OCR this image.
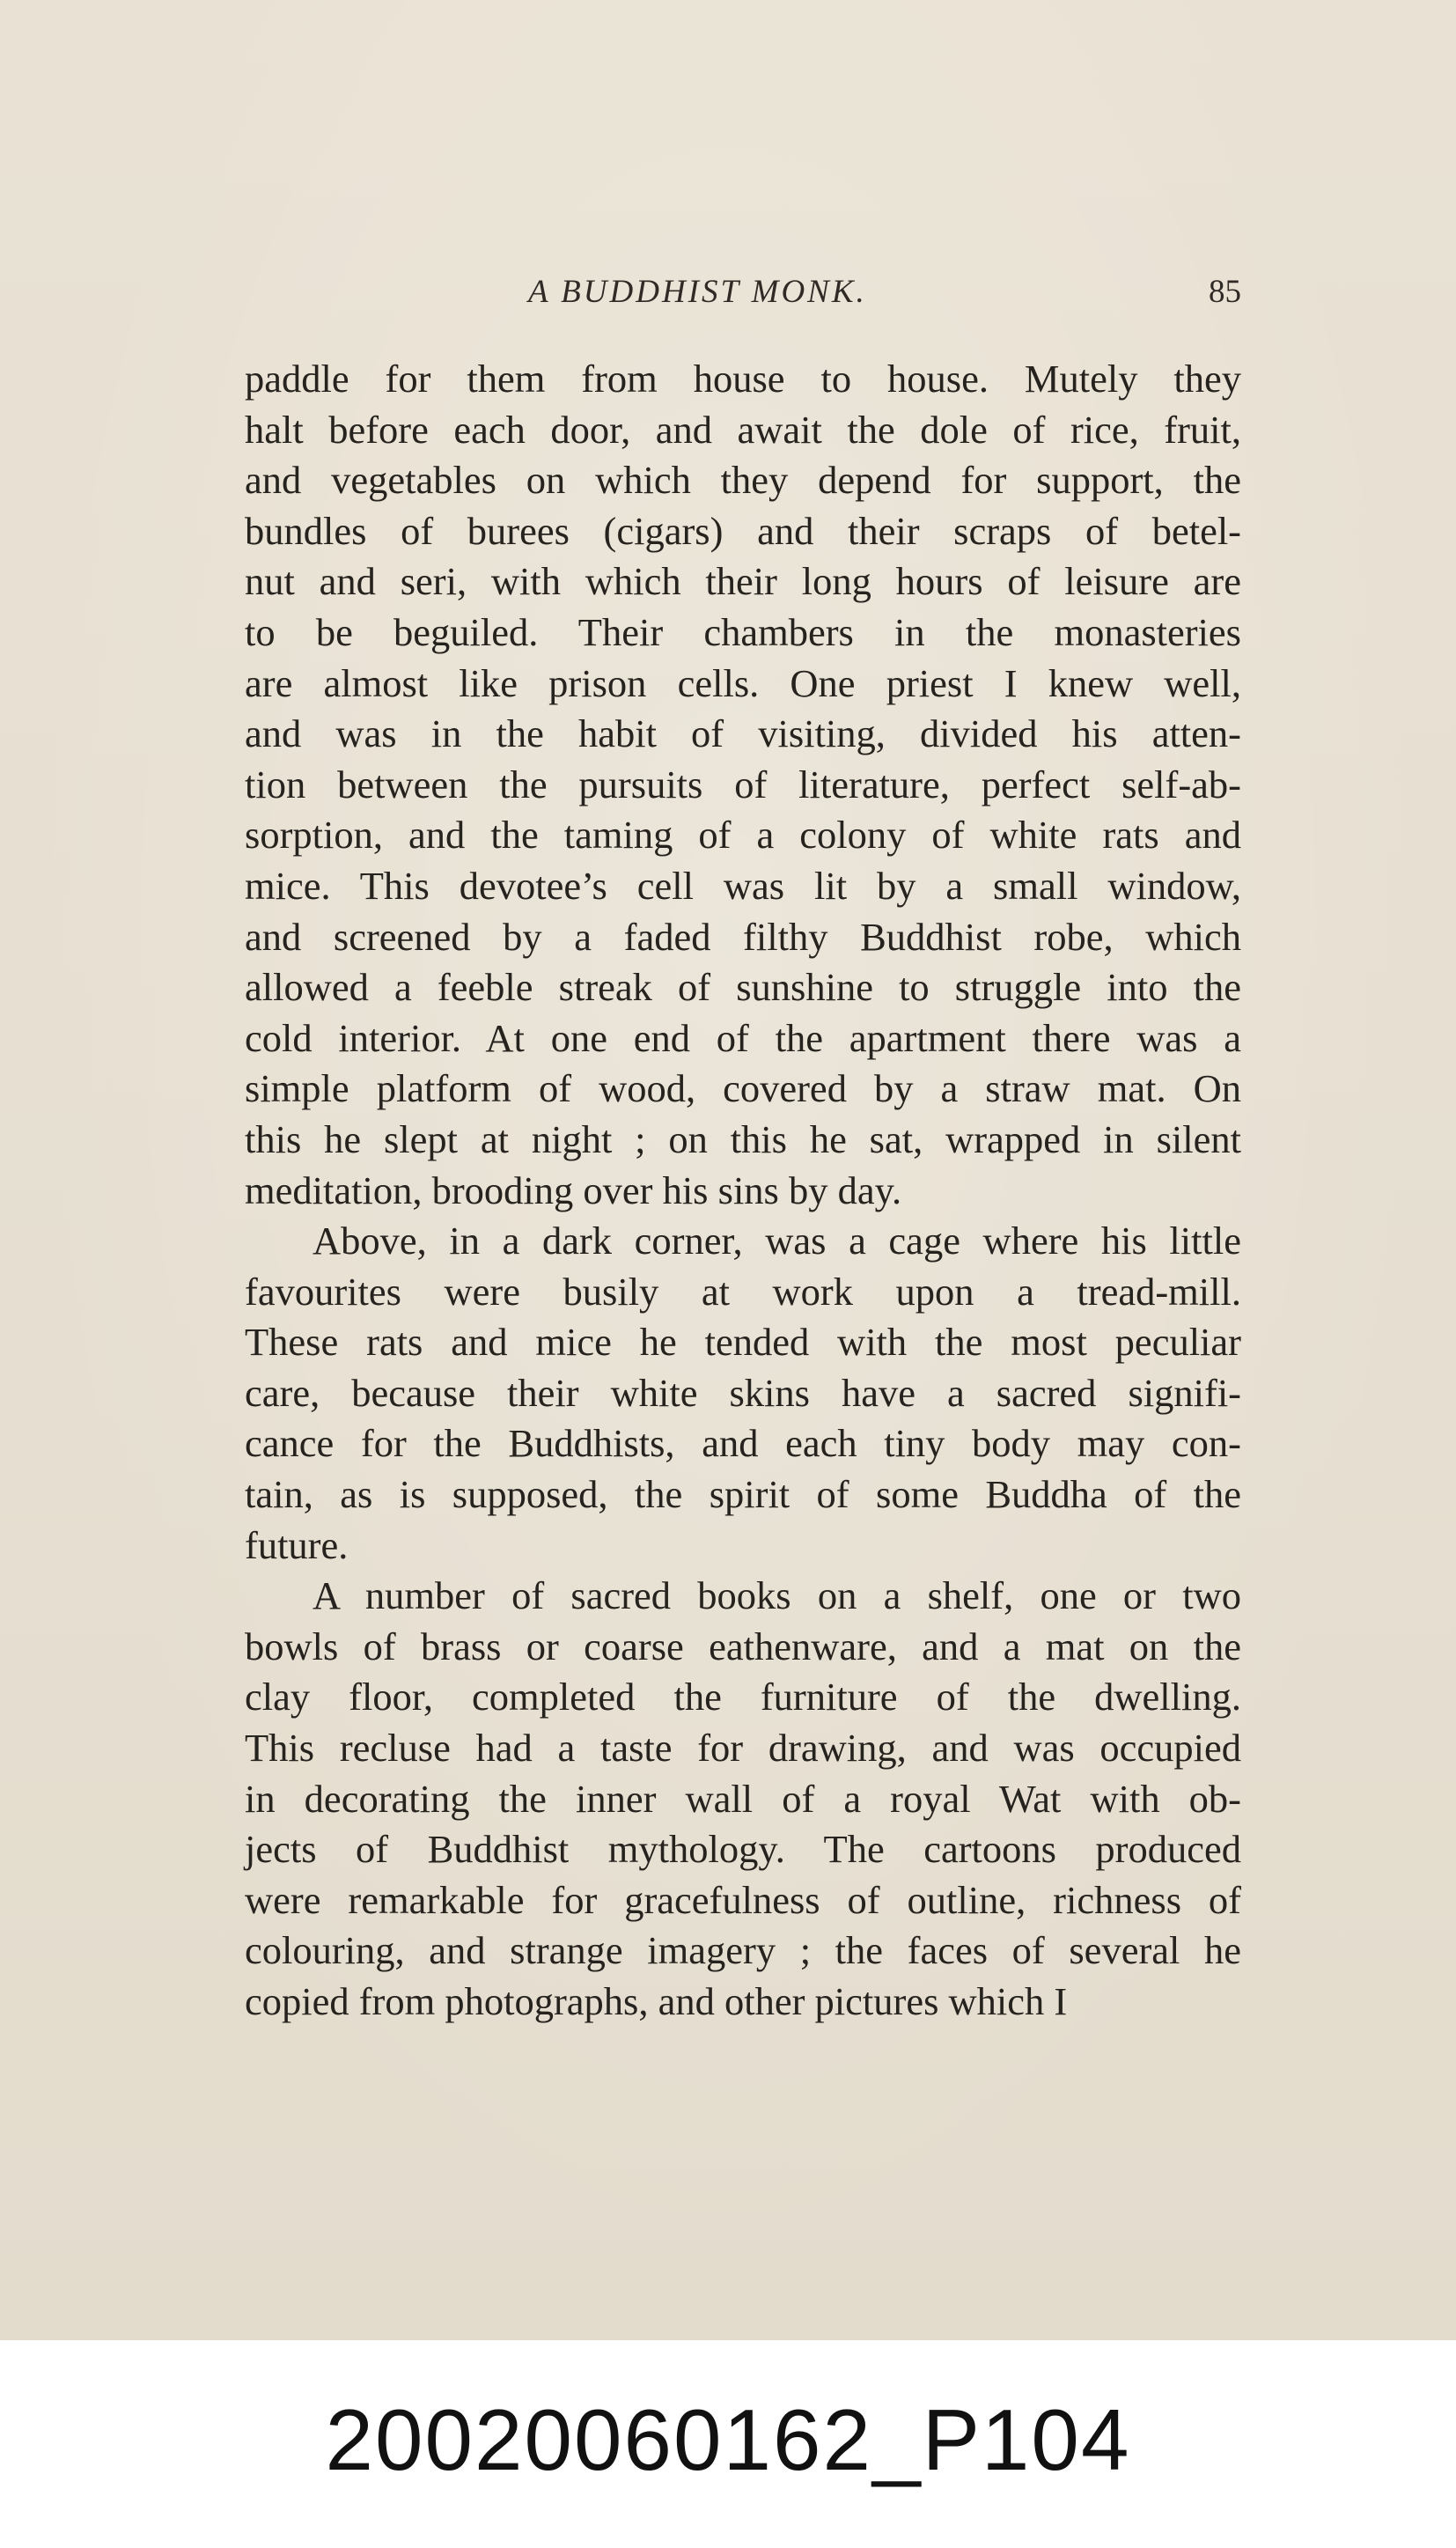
A BUDDHIST MONK.	85
paddle for them from house to house. Mutely they
halt before each door, and await the dole of rice, fruit,
and vegetables on which they depend for support, the
bundles of burees (cigars) and their scraps of betel-
nut and seri, with which their long hours of leisure are
to be beguiled. Their chambers in the monasteries
are almost like prison cells. One priest I knew well,
and was in the habit of visiting, divided his atten-
tion between the pursuits of literature, perfect self-ab-
sorption, and the taming of a colony of white rats and
mice. This devotee’s cell was lit by a small window,
and screened by a faded filthy Buddhist robe, which
allowed a feeble streak of sunshine to struggle into the
cold interior. At one end of the apartment there was a
simple platform of wood, covered by a straw mat. On
this he slept at night ; on this he sat, wrapped in silent
meditation, brooding over his sins by day.
Above, in a dark corner, was a cage where his little
favourites were busily at work upon a tread-mill.
These rats and mice he tended with the most peculiar
care, because their white skins have a sacred signifi-
cance for the Buddhists, and each tiny body may con-
tain, as is supposed, the spirit of some Buddha of the
future.
A number of sacred books on a shelf, one or two
bowls of brass or coarse eathenware, and a mat on the
clay floor, completed the furniture of the dwelling.
This recluse had a taste for drawing, and was occupied
in decorating the inner wall of a royal Wat with ob-
jects of Buddhist mythology. The cartoons produced
were remarkable for gracefulness of outline, richness of
colouring, and strange imagery ; the faces of several he
copied from photographs, and other pictures which I
20020060162_P104
